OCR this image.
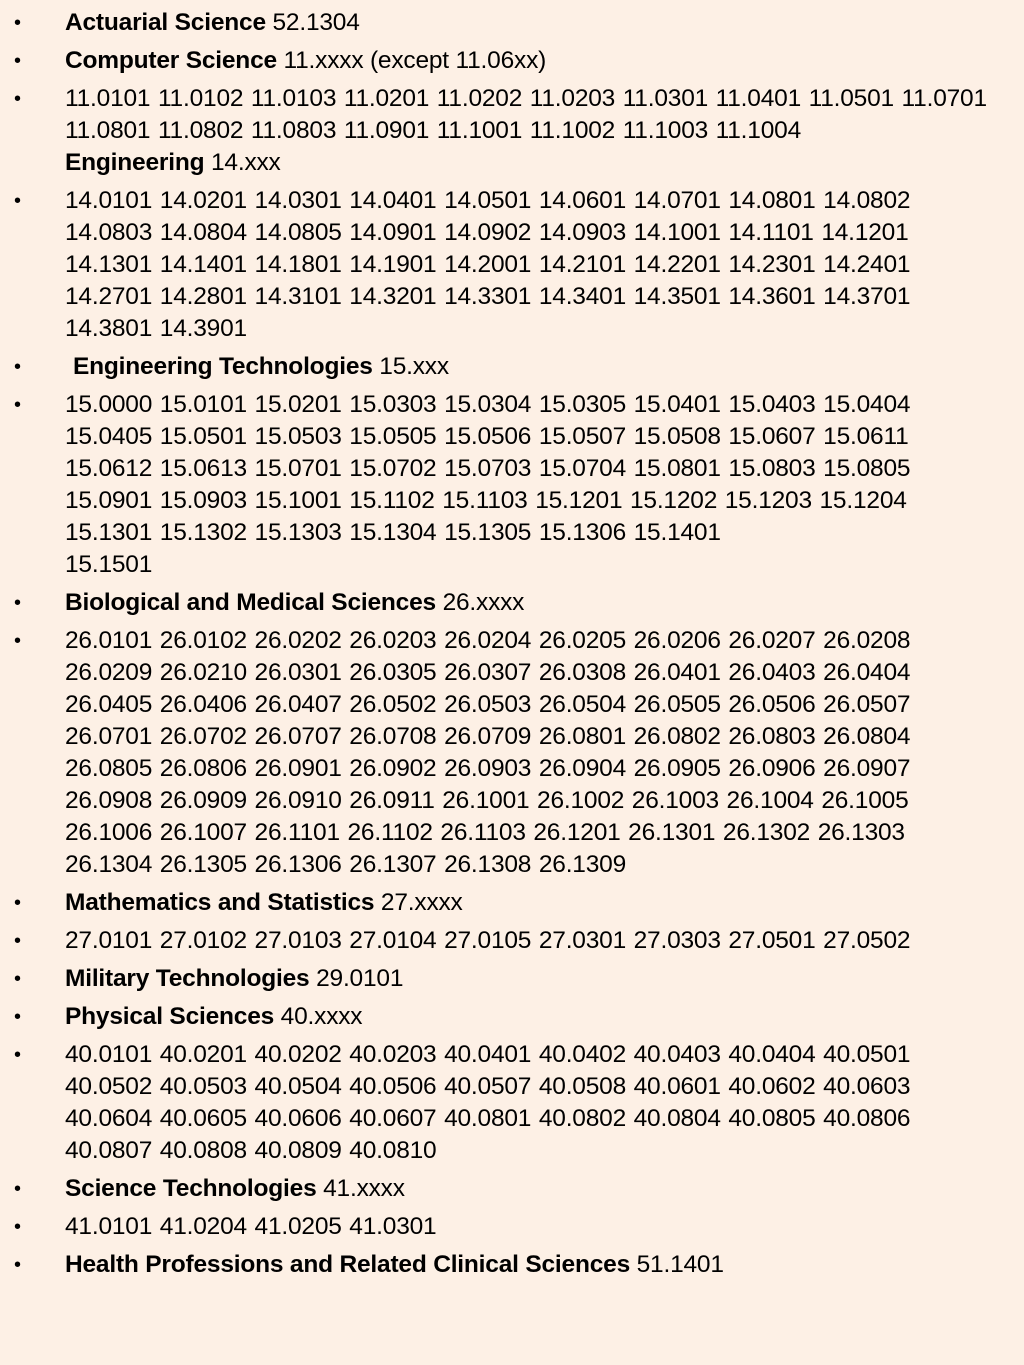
• Actuarial Science 52.1304
• Computer Science 11.xxxx (except 11.06xx)
• 11.0101 11.0102 11.0103 11.0201 11.0202 11.0203 11.0301 11.0401 11.0501 11.0701 11.0801 11.0802 11.0803 11.0901 11.1001 11.1002 11.1003 11.1004
Engineering 14.xxx
• 14.0101 14.0201 14.0301 14.0401 14.0501 14.0601 14.0701 14.0801 14.0802 14.0803 14.0804 14.0805 14.0901 14.0902 14.0903 14.1001 14.1101 14.1201 14.1301 14.1401 14.1801 14.1901 14.2001 14.2101 14.2201 14.2301 14.2401 14.2701 14.2801 14.3101 14.3201 14.3301 14.3401 14.3501 14.3601 14.3701 14.3801 14.3901
• Engineering Technologies 15.xxx
• 15.0000 15.0101 15.0201 15.0303 15.0304 15.0305 15.0401 15.0403 15.0404 15.0405 15.0501 15.0503 15.0505 15.0506 15.0507 15.0508 15.0607 15.0611 15.0612 15.0613 15.0701 15.0702 15.0703 15.0704 15.0801 15.0803 15.0805 15.0901 15.0903 15.1001 15.1102 15.1103 15.1201 15.1202 15.1203 15.1204 15.1301 15.1302 15.1303 15.1304 15.1305 15.1306 15.1401
15.1501
• Biological and Medical Sciences 26.xxxx
• 26.0101 26.0102 26.0202 26.0203 26.0204 26.0205 26.0206 26.0207 26.0208 26.0209 26.0210 26.0301 26.0305 26.0307 26.0308 26.0401 26.0403 26.0404 26.0405 26.0406 26.0407 26.0502 26.0503 26.0504 26.0505 26.0506 26.0507 26.0701 26.0702 26.0707 26.0708 26.0709 26.0801 26.0802 26.0803 26.0804 26.0805 26.0806 26.0901 26.0902 26.0903 26.0904 26.0905 26.0906 26.0907 26.0908 26.0909 26.0910 26.0911 26.1001 26.1002 26.1003 26.1004 26.1005 26.1006 26.1007 26.1101 26.1102 26.1103 26.1201 26.1301 26.1302 26.1303 26.1304 26.1305 26.1306 26.1307 26.1308 26.1309
• Mathematics and Statistics 27.xxxx
• 27.0101 27.0102 27.0103 27.0104 27.0105 27.0301 27.0303 27.0501 27.0502
• Military Technologies 29.0101
• Physical Sciences 40.xxxx
• 40.0101 40.0201 40.0202 40.0203 40.0401 40.0402 40.0403 40.0404 40.0501 40.0502 40.0503 40.0504 40.0506 40.0507 40.0508 40.0601 40.0602 40.0603 40.0604 40.0605 40.0606 40.0607 40.0801 40.0802 40.0804 40.0805 40.0806 40.0807 40.0808 40.0809 40.0810
• Science Technologies 41.xxxx
• 41.0101 41.0204 41.0205 41.0301
• Health Professions and Related Clinical Sciences 51.1401
